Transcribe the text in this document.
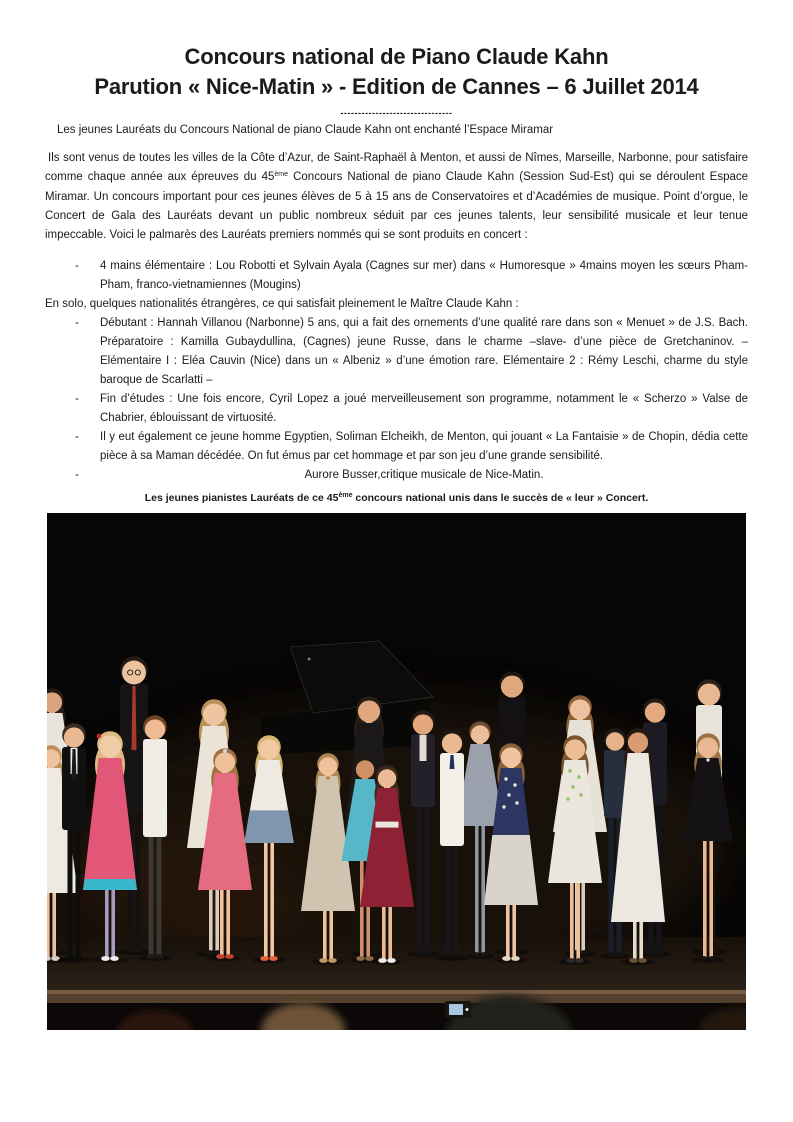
Concours national de Piano Claude Kahn
Parution « Nice-Matin » - Edition de Cannes – 6 Juillet 2014
--------------------------------

Les jeunes Lauréats du Concours National de piano Claude Kahn ont enchanté l’Espace Miramar

Ils sont venus de toutes les villes de la Côte d’Azur, de Saint-Raphaël à Menton, et aussi de Nîmes, Marseille, Narbonne, pour satisfaire comme chaque année aux épreuves du 45ème Concours National de piano Claude Kahn (Session Sud-Est) qui se déroulent Espace Miramar. Un concours important pour ces jeunes élèves de 5 à 15 ans de Conservatoires et d’Académies de musique. Point d’orgue, le Concert de Gala des Lauréats devant un public nombreux séduit par ces jeunes talents, leur sensibilité musicale et leur tenue impeccable. Voici le palmarès des Lauréats premiers nommés qui se sont produits en concert :

- 4 mains élémentaire : Lou Robotti et Sylvain Ayala (Cagnes sur mer) dans « Humoresque » 4mains moyen les sœurs Pham-Pham, franco-vietnamiennes (Mougins)

En solo, quelques nationalités étrangères, ce qui satisfait pleinement le Maître Claude Kahn :

- Débutant : Hannah Villanou (Narbonne) 5 ans, qui a fait des ornements d’une qualité rare dans son « Menuet » de J.S. Bach. Préparatoire : Kamilla Gubaydullina, (Cagnes) jeune Russe, dans le charme –slave- d’une pièce de Gretchaninov. – Elémentaire I : Eléa Cauvin (Nice) dans un « Albeniz » d’une émotion rare. Elémentaire 2 : Rémy Leschi, charme du style baroque de Scarlatti –
- Fin d’études : Une fois encore, Cyril Lopez a joué merveilleusement son programme, notamment le « Scherzo » Valse de Chabrier, éblouissant de virtuosité.
- Il y eut également ce jeune homme Egyptien, Soliman Elcheikh, de Menton, qui jouant « La Fantaisie » de Chopin, dédia cette pièce à sa Maman décédée. On fut émus par cet hommage et par son jeu d’une grande sensibilité.
-	Aurore Busser,critique musicale de Nice-Matin.
Les jeunes pianistes Lauréats de ce 45ème concours national unis dans le succès de « leur » Concert.
